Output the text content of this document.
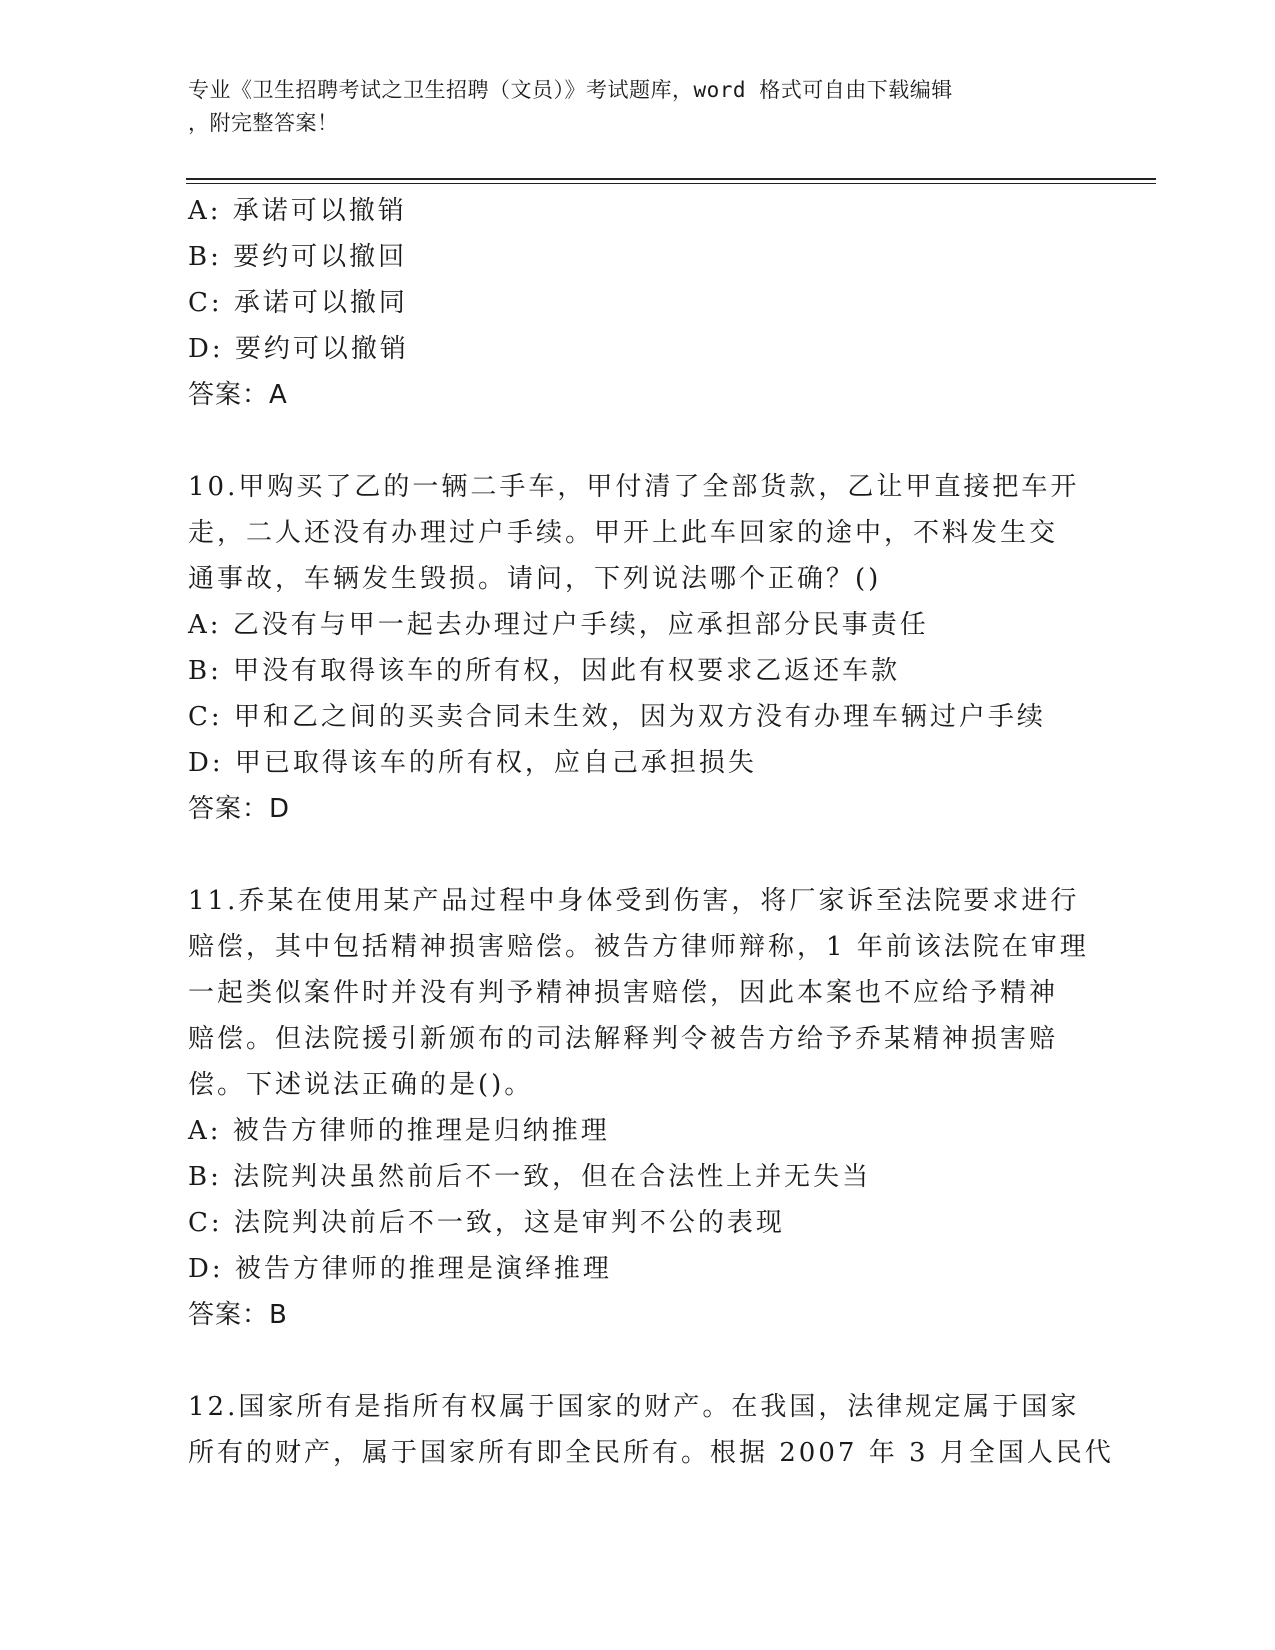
专业《卫生招聘考试之卫生招聘（文员）》考试题库，word 格式可自由下载编辑
，附完整答案！
A: 承诺可以撤销
B: 要约可以撤回
C: 承诺可以撤同
D: 要约可以撤销
答案：A
10.甲购买了乙的一辆二手车，甲付清了全部货款，乙让甲直接把车开
走，二人还没有办理过户手续。甲开上此车回家的途中，不料发生交
通事故，车辆发生毁损。请问，下列说法哪个正确？()
A: 乙没有与甲一起去办理过户手续，应承担部分民事责任
B: 甲没有取得该车的所有权，因此有权要求乙返还车款
C: 甲和乙之间的买卖合同未生效，因为双方没有办理车辆过户手续
D: 甲已取得该车的所有权，应自己承担损失
答案：D
11.乔某在使用某产品过程中身体受到伤害，将厂家诉至法院要求进行
赔偿，其中包括精神损害赔偿。被告方律师辩称，1 年前该法院在审理
一起类似案件时并没有判予精神损害赔偿，因此本案也不应给予精神
赔偿。但法院援引新颁布的司法解释判令被告方给予乔某精神损害赔
偿。下述说法正确的是()。
A: 被告方律师的推理是归纳推理
B: 法院判决虽然前后不一致，但在合法性上并无失当
C: 法院判决前后不一致，这是审判不公的表现
D: 被告方律师的推理是演绎推理
答案：B
12.国家所有是指所有权属于国家的财产。在我国，法律规定属于国家
所有的财产，属于国家所有即全民所有。根据 2007 年 3 月全国人民代
